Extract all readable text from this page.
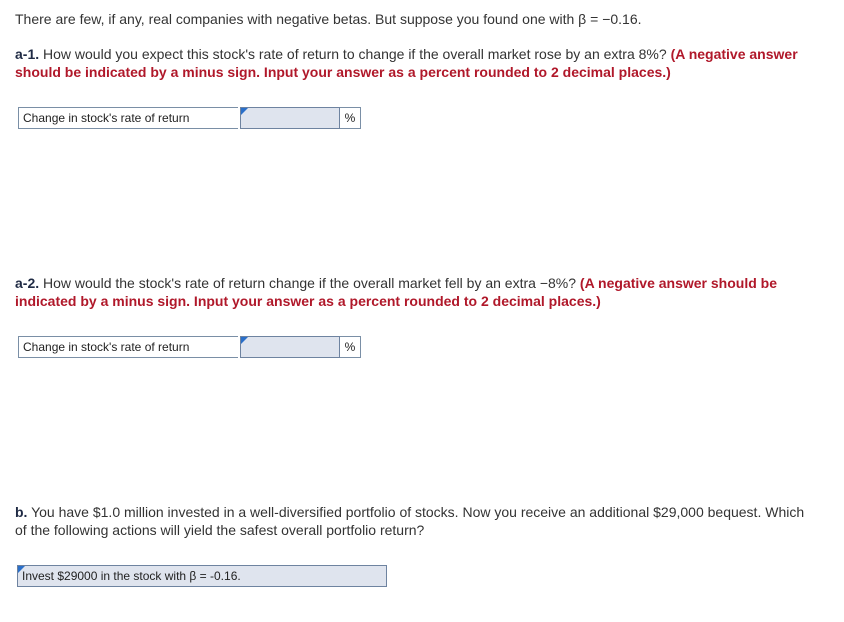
There are few, if any, real companies with negative betas. But suppose you found one with β = −0.16.

a-1. How would you expect this stock's rate of return to change if the overall market rose by an extra 8%? (A negative answer should be indicated by a minus sign. Input your answer as a percent rounded to 2 decimal places.)

Change in stock's rate of return	%

a-2. How would the stock's rate of return change if the overall market fell by an extra −8%? (A negative answer should be indicated by a minus sign. Input your answer as a percent rounded to 2 decimal places.)

Change in stock's rate of return	%

b. You have $1.0 million invested in a well-diversified portfolio of stocks. Now you receive an additional $29,000 bequest. Which of the following actions will yield the safest overall portfolio return?

Invest $29000 in the stock with β = -0.16.
